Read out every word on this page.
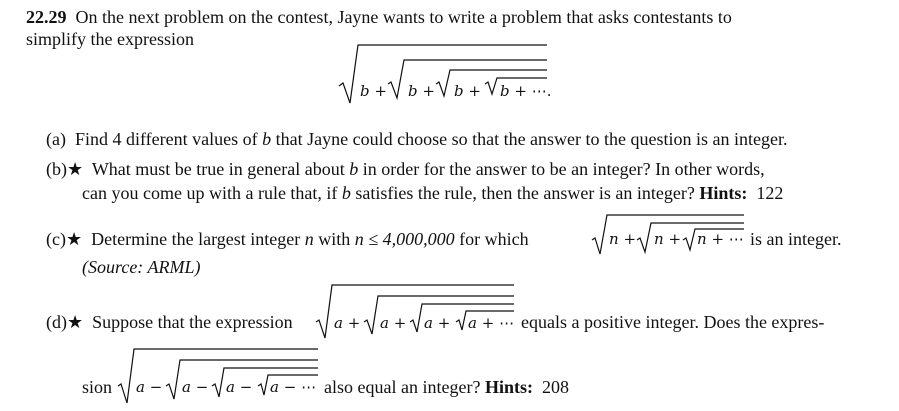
22.29 On the next problem on the contest, Jayne wants to write a problem that asks contestants to
simplify the expression
b + b + b + b + ⋯.
(a) Find 4 different values of b that Jayne could choose so that the answer to the question is an integer.
(b)★ What must be true in general about b in order for the answer to be an integer? In other words,
can you come up with a rule that, if b satisfies the rule, then the answer is an integer? Hints: 122
(c)★ Determine the largest integer n with n ≤ 4,000,000 for which	n + n + n + ⋯ is an integer.
(Source: ARML)
(d)★ Suppose that the expression	a + a + a + a + ⋯ equals a positive integer. Does the expres-
sion a − a − a − a − ⋯ also equal an integer? Hints: 208
